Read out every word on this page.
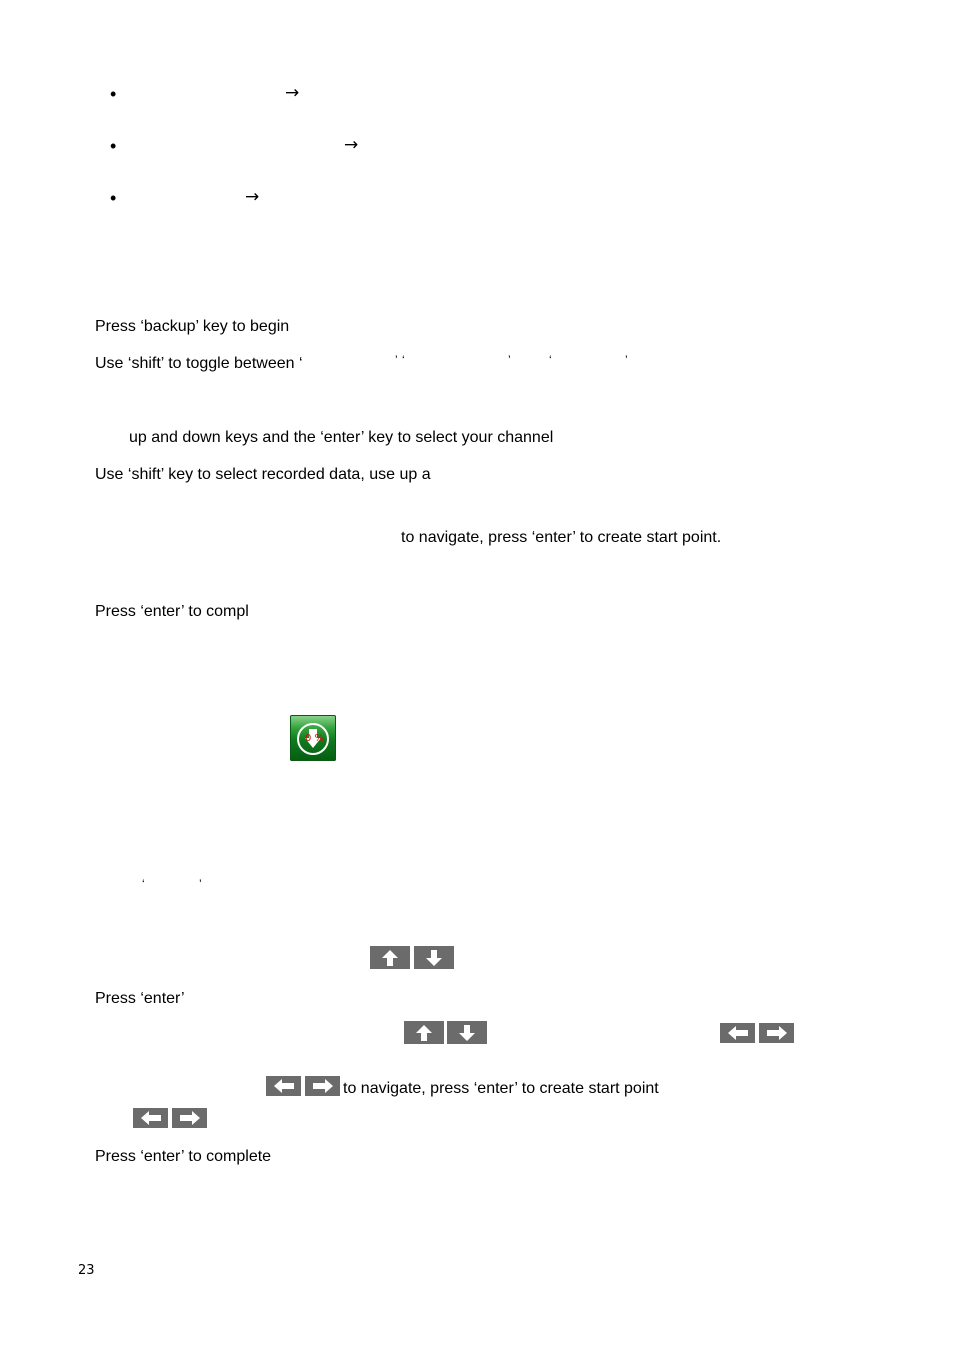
•	→
•	→
•	→
Press ‘backup’ key to begin
Use ‘shift’ to toggle between ‘	’ ‘	’	‘	’
up and down keys and the ‘enter’ key to select your channel
Use ‘shift’ key to select recorded data, use up a
to navigate, press ‘enter’ to create start point.
Press ‘enter’ to compl
0 %
‘	’
Press ‘enter’
to navigate, press ‘enter’ to create start point
Press ‘enter’ to complete
23
